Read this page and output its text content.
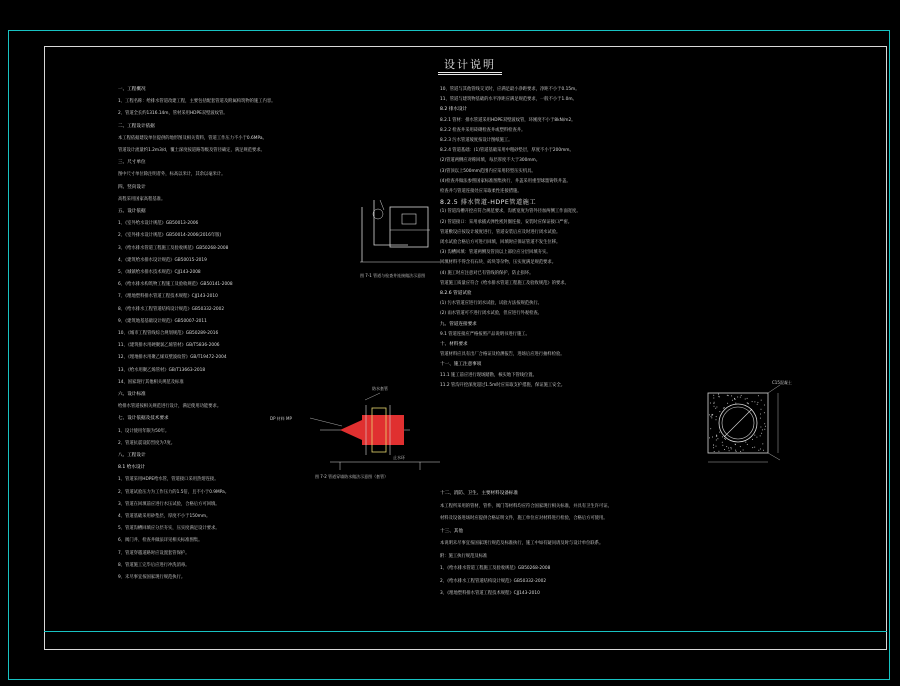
设计说明
一、工程概况
1、工程名称：给排水管道改建工程，主要包括配套管道及附属构筑物的施工内容。
2、管道全长约1316.14m，管材采用HDPE双壁波纹管。
二、工程设计依据
本工程依据建设单位提供的地形图及相关资料，管道工作压力不小于0.6MPa。
管道设计流量约1.2m3/d，覆土深度按道路等级及管径确定，满足规范要求。
三、尺寸单位
图中尺寸单位除注明者外，标高以米计，其余以毫米计。
四、竖向设计
高程采用国家高程基准。
五、设计依据
1、《室外给水设计规范》GB50013-2006
2、《室外排水设计规范》GB50014-2006(2016年版)
3、《给水排水管道工程施工及验收规范》GB50268-2008
4、《建筑给水排水设计规范》GB50015-2019
5、《城镇给水排水技术规范》CJJ143-2008
6、《给水排水构筑物工程施工及验收规范》GB50141-2008
7、《埋地塑料排水管道工程技术规程》CJJ143-2010
8、《给水排水工程管道结构设计规范》GB50332-2002
9、《建筑地基基础设计规范》GB50007-2011
10、《城市工程管线综合规划规范》GB50289-2016
11、《建筑排水用硬聚氯乙烯管材》GB/T5836-2006
12、《埋地排水用聚乙烯双壁波纹管》GB/T19472-2004
13、《给水用聚乙烯管材》GB/T13663-2018
14、国家现行其他相关规范及标准
六、设计标准
给排水管道按相关规范进行设计，满足使用功能要求。
七、设计依据及技术要求
1、设计使用年限为50年。
2、管道抗震设防烈度为7度。
八、工程设计
8.1 给水设计
1、管道采用HDPE给水管，管道接口采用热熔连接。
2、管道试验压力为工作压力的1.5倍，且不小于0.9MPa。
3、管道在回填前应进行水压试验，合格后方可回填。
4、管道基础采用砂垫层，厚度不小于150mm。
5、管道沟槽回填应分层夯实，压实度满足设计要求。
6、阀门井、检查井做法详见相关标准图集。
7、管道穿越道路时应设置套管保护。
8、管道施工完毕后应进行冲洗消毒。
9、未尽事宜按国家现行规范执行。
10、管道与其他管线交叉时，应满足最小净距要求，净距不小于0.15m。
11、管道与建筑物基础的水平净距应满足规范要求，一般不小于1.0m。
8.2 排水设计
8.2.1 管材：排水管道采用HDPE双壁波纹管，环刚度不小于8kN/m2。
8.2.2 检查井采用砖砌检查井或塑料检查井。
8.2.3 污水管道坡度按设计图纸施工。
8.2.4 管道基础：(1)管道基础采用中粗砂垫层，厚度不小于200mm。
(2)管道两侧应对称回填，每层厚度不大于300mm。
(3)管顶以上500mm范围内应采用轻型压实机具。
(4)检查井做法参照国家标准图集执行，井盖采用重型球墨铸铁井盖。
检查井与管道连接处应采取柔性连接措施。
8.2.5 排水管道-HDPE管道施工
(1) 管道沟槽开挖应符合规范要求，沟底宽度为管外径加两侧工作面宽度。
(2) 管道接口：采用承插式弹性密封圈连接，安装时应保证接口严密。
管道敷设应按设计坡度进行，管道安装后应及时进行闭水试验。
闭水试验合格后方可进行回填，回填时应保证管道不发生位移。
(3) 沟槽回填：管道两侧及管顶以上部位应分层回填夯实。
回填材料不得含有石块、砖块等杂物，压实度满足规范要求。
(4) 施工时应注意对已有管线的保护，防止损坏。
管道施工质量应符合《给水排水管道工程施工及验收规范》的要求。
8.2.6 管道试验
(1) 污水管道应进行闭水试验，试验方法按规范执行。
(2) 雨水管道可不进行闭水试验，但应进行外观检查。
九、管道连接要求
9.1 管道连接应严格按照产品说明书进行施工。
十、材料要求
管道材料应具有出厂合格证及检测报告，进场后应进行抽样检验。
十一、施工注意事项
11.1 施工前应进行现场踏勘，核实地下管线位置。
11.2 管沟开挖深度超过1.5m时应采取支护措施，保证施工安全。
十二、消防、卫生、主要材料设备标准
本工程所采用的管材、管件、阀门等材料均应符合国家现行相关标准，并具有卫生许可证。
材料及设备进场时应提供合格证明文件，施工单位应对材料进行检验，合格后方可使用。
十三、其他
本说明未尽事宜按国家现行规范及标准执行，施工中如有疑问请及时与设计单位联系。
附：施工执行规范及标准
1、《给水排水管道工程施工及验收规范》GB50268-2008
2、《给水排水工程管道结构设计规范》GB50332-2002
3、《埋地塑料排水管道工程技术规程》CJJ143-2010
图 7-1 管道与检查井连接做法示意图
图 7-2 管道穿墙防水做法示意图（套管）
DP 材料 MP
防水套管
止水环
C15混凝土
